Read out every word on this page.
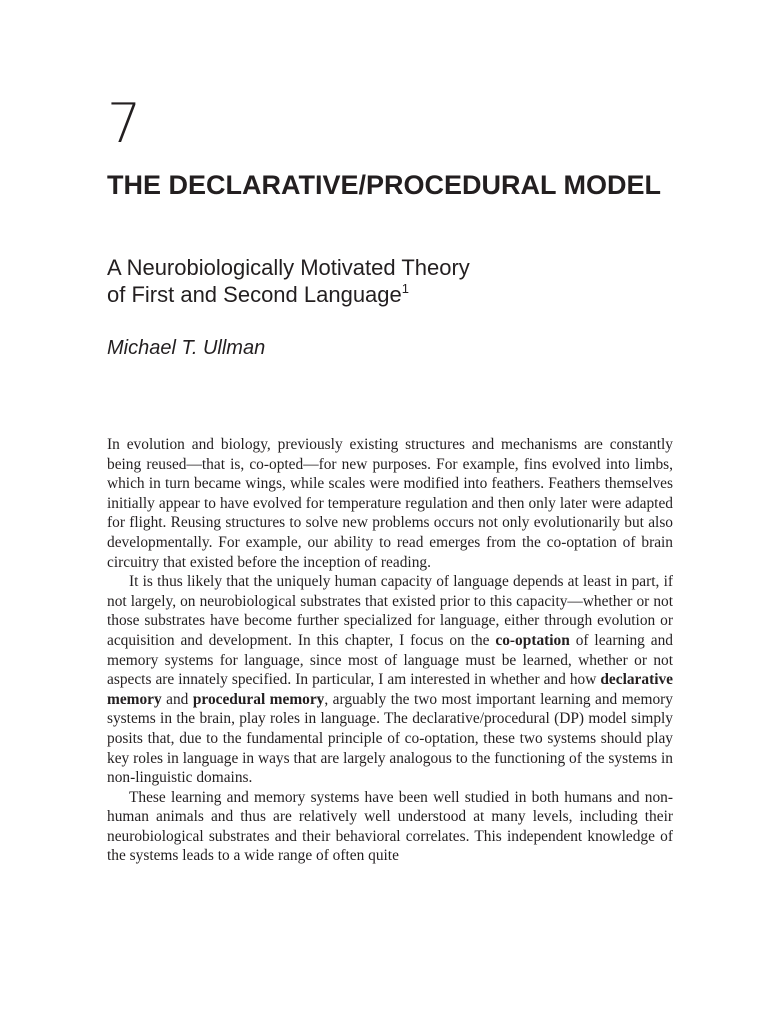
7
THE DECLARATIVE/PROCEDURAL MODEL
A Neurobiologically Motivated Theory
of First and Second Language$^1$
Michael T. Ullman

In evolution and biology, previously existing structures and mechanisms are constantly being reused—that is, co-opted—for new purposes. For example, fins evolved into limbs, which in turn became wings, while scales were modified into feathers. Feathers themselves initially appear to have evolved for temperature regulation and then only later were adapted for flight. Reusing structures to solve new problems occurs not only evolutionarily but also developmentally. For example, our ability to read emerges from the co-optation of brain circuitry that existed before the inception of reading.

It is thus likely that the uniquely human capacity of language depends at least in part, if not largely, on neurobiological substrates that existed prior to this capacity—whether or not those substrates have become further specialized for language, either through evolution or acquisition and development. In this chapter, I focus on the co-optation of learning and memory systems for language, since most of language must be learned, whether or not aspects are innately specified. In particular, I am interested in whether and how declarative memory and procedural memory, arguably the two most important learning and memory systems in the brain, play roles in language. The declarative/procedural (DP) model simply posits that, due to the fundamental principle of co-optation, these two systems should play key roles in language in ways that are largely analogous to the functioning of the systems in non-linguistic domains.

These learning and memory systems have been well studied in both humans and non-human animals and thus are relatively well understood at many levels, including their neurobiological substrates and their behavioral correlates. This independent knowledge of the systems leads to a wide range of often quite
